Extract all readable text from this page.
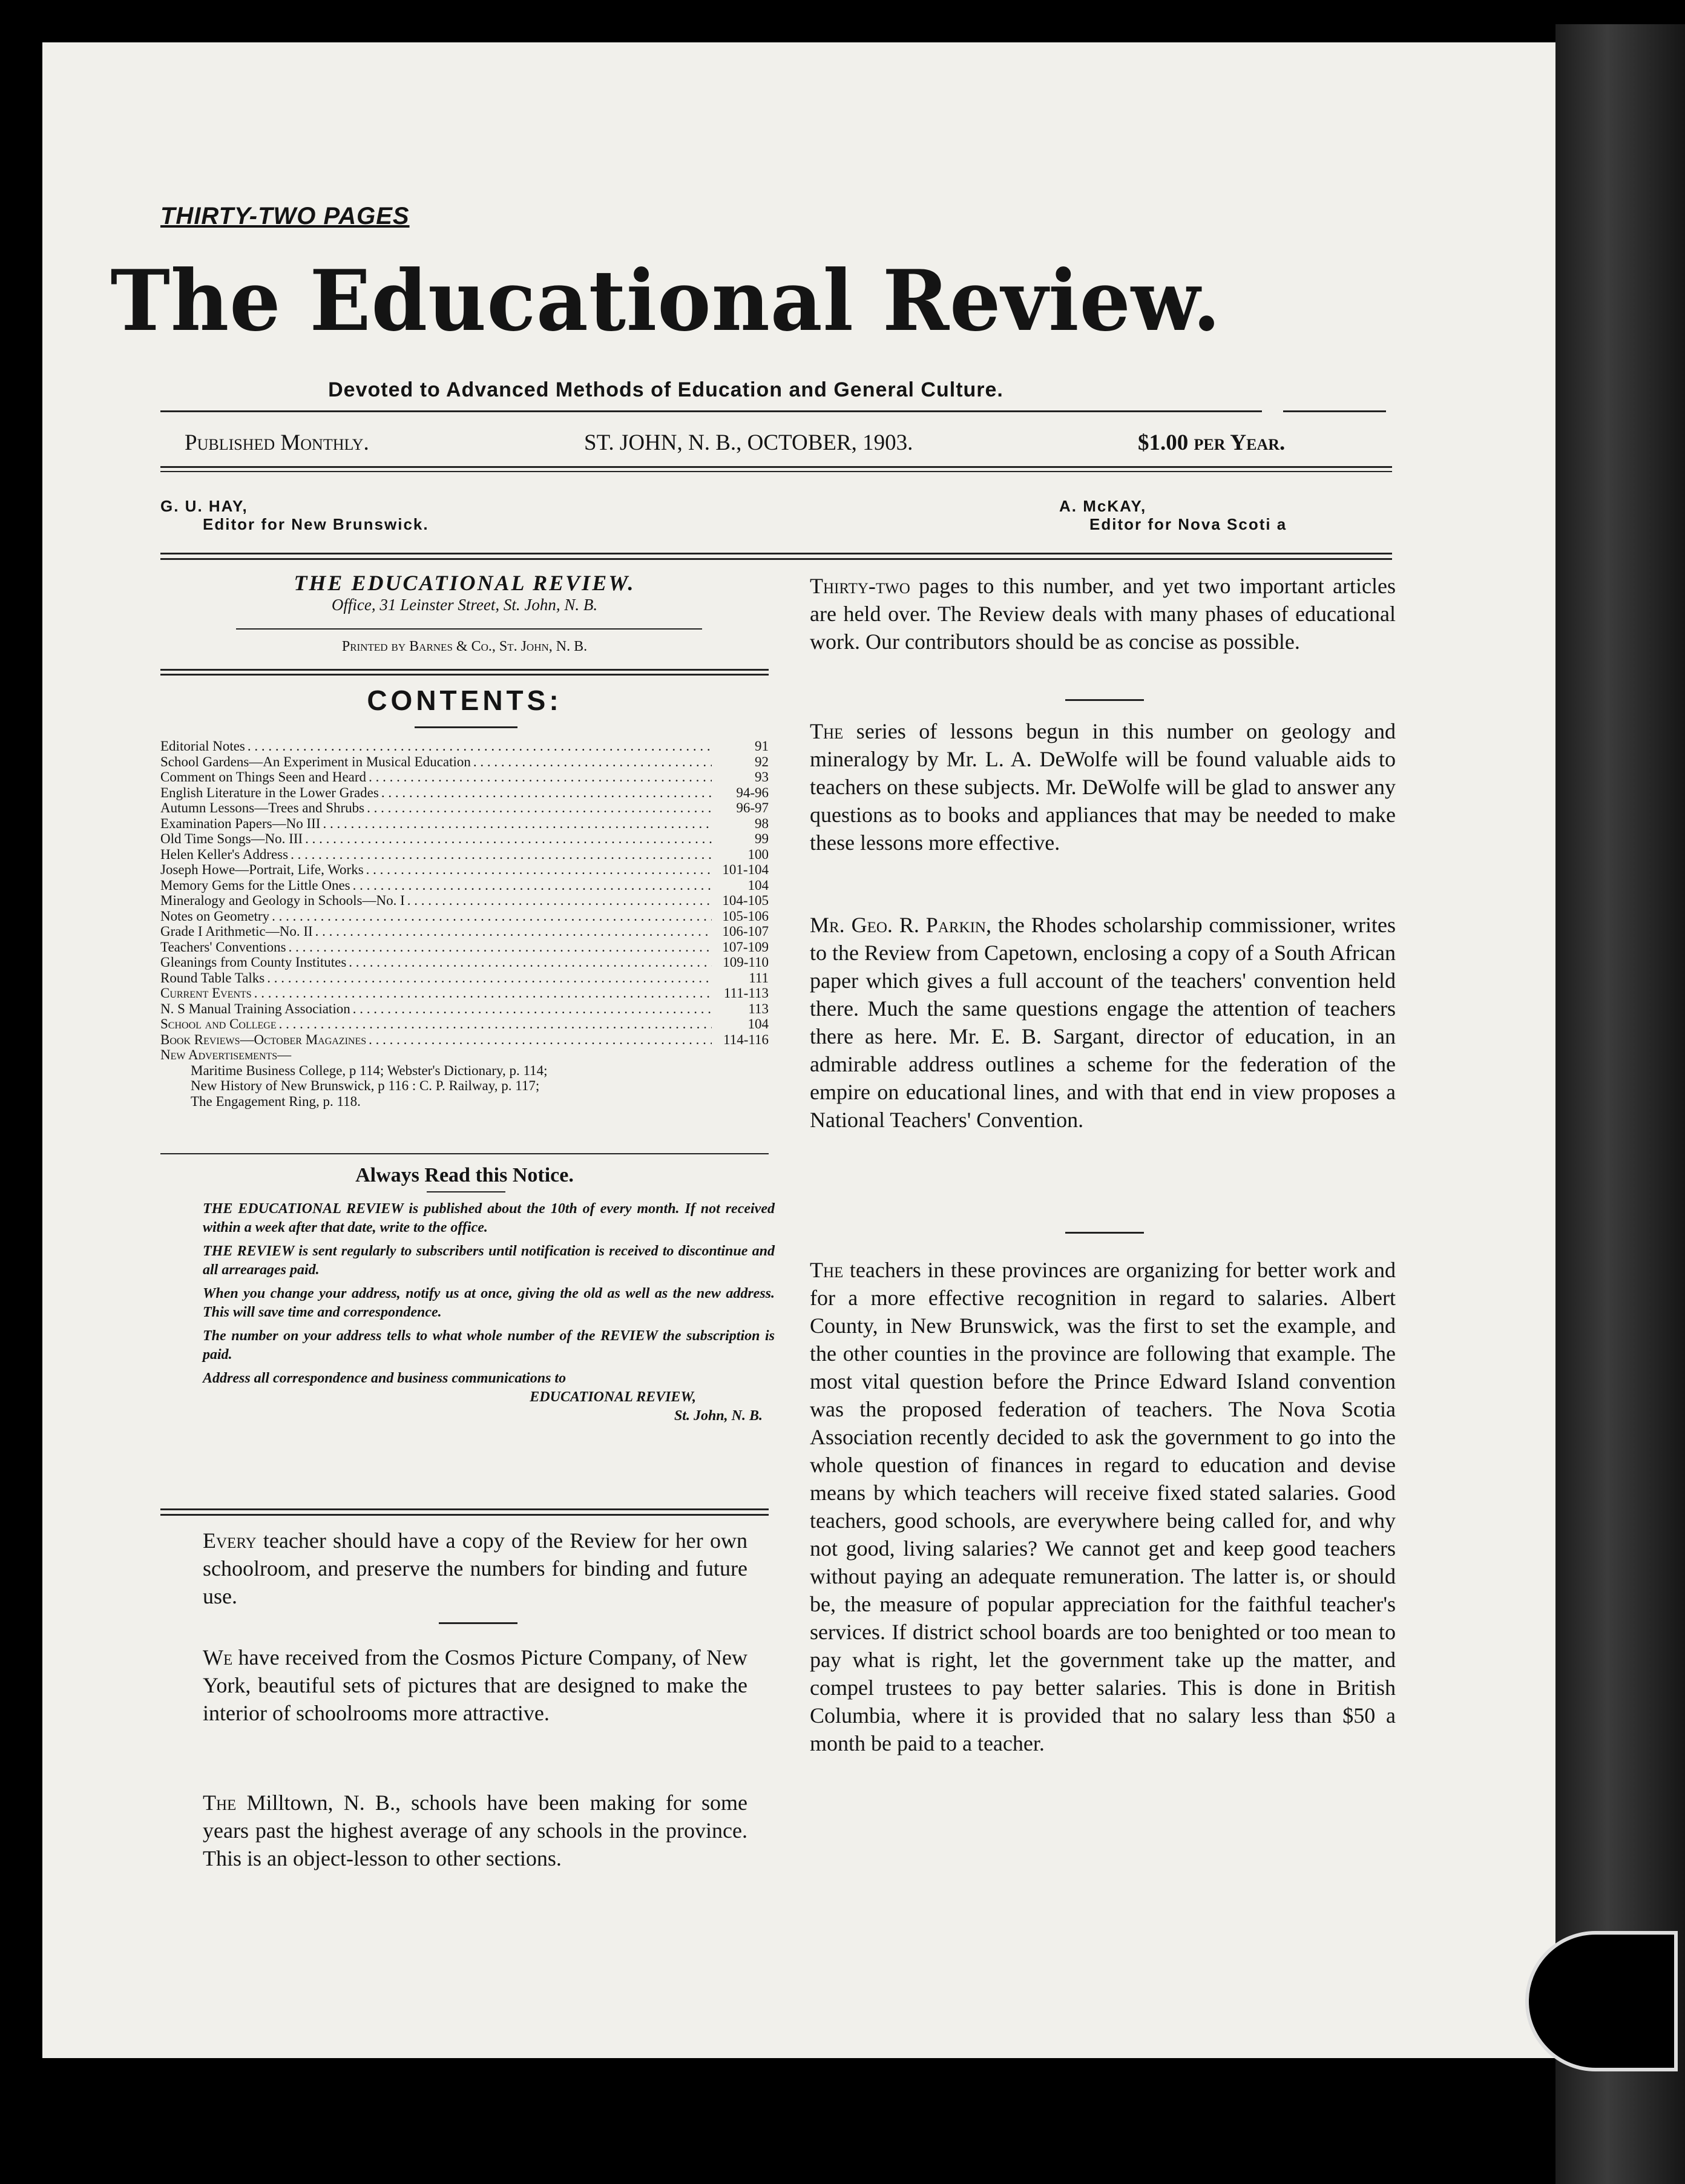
THIRTY-TWO PAGES
The Educational Review.
Devoted to Advanced Methods of Education and General Culture.
Published Monthly.	ST. JOHN, N. B., OCTOBER, 1903.	$1.00 per Year.
G. U. HAY,
Editor for New Brunswick.
A. McKAY,
Editor for Nova Scoti a
THE EDUCATIONAL REVIEW.
Office, 31 Leinster Street, St. John, N. B.
Printed by Barnes & Co., St. John, N. B.
CONTENTS:
Editorial Notes . . .	91
School Gardens—An Experiment in Musical Education . . .	92
Comment on Things Seen and Heard . . .	93
English Literature in the Lower Grades . . .	94-96
Autumn Lessons—Trees and Shrubs . . .	96-97
Examination Papers—No III . . .	98
Old Time Songs—No. III . . .	99
Helen Keller's Address . . .	100
Joseph Howe—Portrait, Life, Works . . .	101-104
Memory Gems for the Little Ones . . .	104
Mineralogy and Geology in Schools—No. I . . .	104-105
Notes on Geometry . . .	105-106
Grade I Arithmetic—No. II . . .	106-107
Teachers' Conventions . . .	107-109
Gleanings from County Institutes . . .	109-110
Round Table Talks . . .	111
Current Events . . .	111-113
N. S Manual Training Association . . .	113
School and College . . .	104
Book Reviews—October Magazines . . .	114-116
New Advertisements—
Maritime Business College, p 114; Webster's Dictionary, p. 114;
New History of New Brunswick, p 116 : C. P. Railway, p. 117;
The Engagement Ring, p. 118.
Always Read this Notice.

THE EDUCATIONAL REVIEW is published about the 10th of every month. If not received within a week after that date, write to the office.

THE REVIEW is sent regularly to subscribers until notification is received to discontinue and all arrearages paid.

When you change your address, notify us at once, giving the old as well as the new address. This will save time and correspondence.

The number on your address tells to what whole number of the REVIEW the subscription is paid.

Address all correspondence and business communications to

EDUCATIONAL REVIEW,
St. John, N. B.

Every teacher should have a copy of the Review for her own schoolroom, and preserve the numbers for binding and future use.

We have received from the Cosmos Picture Company, of New York, beautiful sets of pictures that are designed to make the interior of schoolrooms more attractive.

The Milltown, N. B., schools have been making for some years past the highest average of any schools in the province. This is an object-lesson to other sections.

Thirty-two pages to this number, and yet two important articles are held over. The Review deals with many phases of educational work. Our contributors should be as concise as possible.

The series of lessons begun in this number on geology and mineralogy by Mr. L. A. DeWolfe will be found valuable aids to teachers on these subjects. Mr. DeWolfe will be glad to answer any questions as to books and appliances that may be needed to make these lessons more effective.

Mr. Geo. R. Parkin, the Rhodes scholarship commissioner, writes to the Review from Capetown, enclosing a copy of a South African paper which gives a full account of the teachers' convention held there. Much the same questions engage the attention of teachers there as here. Mr. E. B. Sargant, director of education, in an admirable address outlines a scheme for the federation of the empire on educational lines, and with that end in view proposes a National Teachers' Convention.

The teachers in these provinces are organizing for better work and for a more effective recognition in regard to salaries. Albert County, in New Brunswick, was the first to set the example, and the other counties in the province are following that example. The most vital question before the Prince Edward Island convention was the proposed federation of teachers. The Nova Scotia Association recently decided to ask the government to go into the whole question of finances in regard to education and devise means by which teachers will receive fixed stated salaries. Good teachers, good schools, are everywhere being called for, and why not good, living salaries? We cannot get and keep good teachers without paying an adequate remuneration. The latter is, or should be, the measure of popular appreciation for the faithful teacher's services. If district school boards are too benighted or too mean to pay what is right, let the government take up the matter, and compel trustees to pay better salaries. This is done in British Columbia, where it is provided that no salary less than $50 a month be paid to a teacher.
